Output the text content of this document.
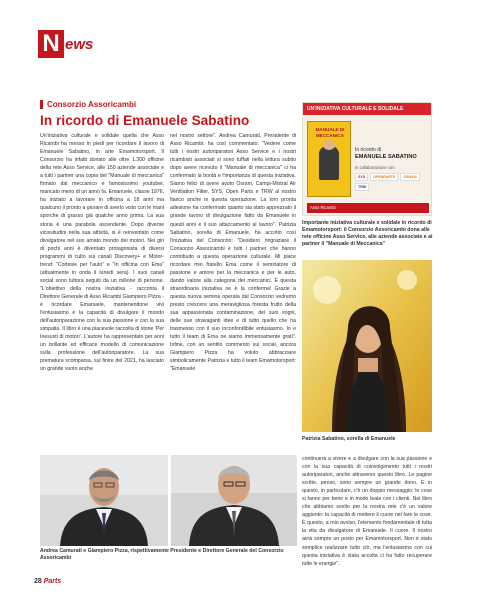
N ews
Consorzio Assoricambi
In ricordo di Emanuele Sabatino
Un'iniziativa culturale e solidale quella che Asso Ricambi ha messo in piedi per ricordare il lavoro di Emanuele Sabatino, in arte Emamotorsport. Il Consorzio ha infatti donato alle oltre 1.300 officine della rete Asso Service, alle 150 aziende associate e a tutti i partner una copia del "Manuale di meccanica" firmato dal meccanico e famosissimo youtuber, mancato meno di un anno fa. Emanuele, classe 1976, ha iniziato a lavorare in officina a 18 anni ma qualcuno il pronto a giurare di averlo visto con le mani sporche di grasso già qualche anno prima. La sua storia è una parabola ascendente. Dopo diverse vicissitudini nella sua attività, si è reinventato come divulgatore nel suo amato mondo dei motori. Nei giri di pochi anni è diventato protagonista di diversi programmi di culto sui canali Discovery+ e Motor-trend: "Cortesie per l'auto" e "In officina con Ema" (attualmente in onda il lunedì sera). I suoi canali social sono tuttora seguiti da un milione di persone. "L'obiettivo della nostra iniziativa - racconta il Direttore Generale di Asso Ricambi Giampiero Pizza - è ricordare Emanuele, mantenendone vivi l'entusiasmo e la capacità di divulgare il mondo dell'autoriparazione con la sua passione e con la sua simpatia. Il libro è una piacevole raccolta di storie 'Per Inesusti di motori'. L'autore ha rappresentato per anni un brillante ed efficace modello di comunicazione sulla professione dell'autoriparatore. La sua prematura scomparsa, sul finire del 2021, ha lasciato un grande vuoto anche
nel nostro settore". Andrea Camurati, Presidente di Asso Ricambi, ha così commentato: "Vedere come tutti i nostri autoriparatori Asso Service e i nostri ricambisti associati si sono tuffati nella lettura subito dopo avere ricevuto il "Manuale di meccanica" ci ha confermato la bontà e l'importanza di questa iniziativa. Siamo felici di avere avuto Osram, Campi-Mistral Air Ventilation Filter, SYS, Open Parts e TRW al nostro fianco anche in questa operazione. La loro pronta adesione ha confermato quanto sia stato apprezzato il grande lavoro di divulgazione fatto da Emanuele in questi anni e il suo attaccamento al lavoro". Patrizia Sabatino, sorella di Emanuele, ha accolto così l'iniziativa del Consorzio: "Desidero ringraziare il Consorzio Assoricambi e tutti i partner che hanno contribuito a questa operazione culturale. Mi piace ricordare mio fratello Ema come il seminatore di passione e amore per la meccanica e per le auto, dando valore alla categoria dei meccanici. È questa straordinaria iniziativa ne è la conferma! Grazie a questa nuova semina operata dal Consorzio vedremo presto crescere una meravigliosa foresta frutto della sua appassionata contaminazione, dei suoi sogni, delle sue stravaganti idee e di tutto quello che ha trasmesso con il suo inconfondibile entusiasmo. Io e tutto il team di Ema ne siamo immensamente grati". Infine, con un sentito commento sui social, ancora Giampiero Pizza ha voluto abbracciare simbolicamente Patrizia e tutto il team Emamotorsport: "Emanuele
UN'INIZIATIVA CULTURALE E SOLIDALE
MANUALE DI MECCANICA
In ricordo di
EMANUELE SABATINO
In collaborazione con
SYS	OPENPARTS	OSRAM
TRW
Asso Ricambi
Importante iniziativa culturale e solidale in ricordo di Emamotorsport: il Consorzio Assoricambi dona alle rete officine Asso Service, alle aziende associate e ai partner il "Manuale di Meccanica"
Patrizia Sabatino, sorella di Emanuele
continuerà a vivere e a divulgare con la sua passione e con la sua capacità di coinvolgimento tutti i nostri autoriparatori, anche attraverso questo libro. Le pagine scritte, penso, sono sempre un grande dono. E in questo, in particolare, c'è un doppio messaggio: le cose si fanno per bene e in modo leale con i clienti. Nel libro che abbiamo scelto per la nostra rete c'è un valore aggiunto: la capacità di mettere il cuore nel fare le cose. È questo, a mio avviso, l'elemento fondamentale di tutta la vita da divulgatore di Emanuele. Il cuore. Il nostro avrà sempre un posto per Emamotorsport. Non è stato semplice realizzare tutto ciò, ma l'entusiasmo con cui questa iniziativa è stata accolta ci ha fatto recuperare tutte le energie".
Andrea Camurati e Giampiero Pizza, rispettivamente Presidente e Direttore Generale del Consorzio Assoricambi
28 Parts
